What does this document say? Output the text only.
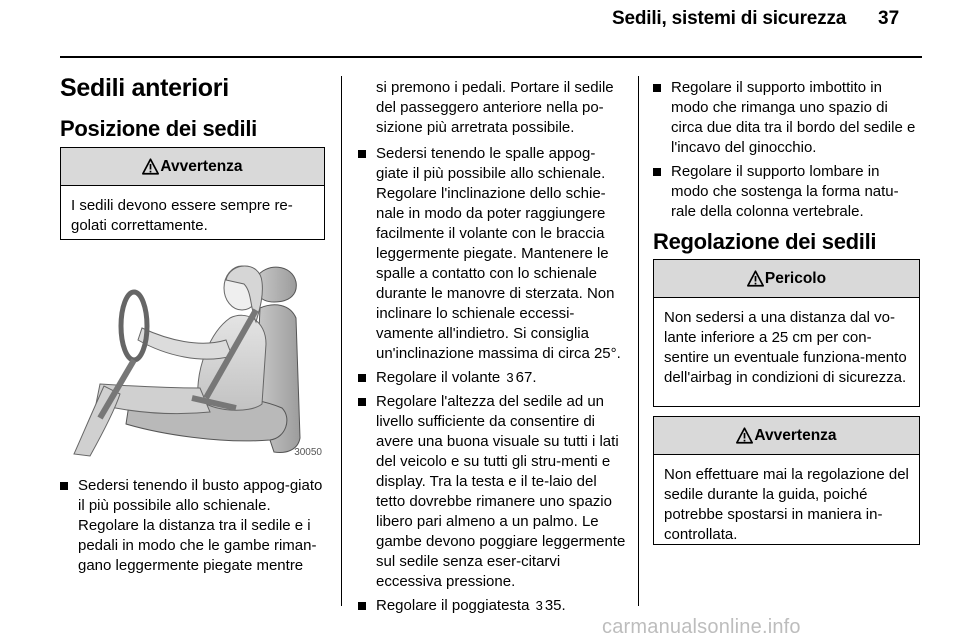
Sedili, sistemi di sicurezza 37
Sedili anteriori
Posizione dei sedili
Avvertenza
I sedili devono essere sempre re-golati correttamente.
30050
Sedersi tenendo il busto appog-giato il più possibile allo schienale. Regolare la distanza tra il sedile e i pedali in modo che le gambe riman-gano leggermente piegate mentre
si premono i pedali. Portare il sedile del passeggero anteriore nella po-sizione più arretrata possibile.
Sedersi tenendo le spalle appog-giate il più possibile allo schienale. Regolare l'inclinazione dello schie-nale in modo da poter raggiungere facilmente il volante con le braccia leggermente piegate. Mantenere le spalle a contatto con lo schienale durante le manovre di sterzata. Non inclinare lo schienale eccessi-vamente all'indietro. Si consiglia un'inclinazione massima di circa 25°.
Regolare il volante 3 67.
Regolare l'altezza del sedile ad un livello sufficiente da consentire di avere una buona visuale su tutti i lati del veicolo e su tutti gli stru-menti e display. Tra la testa e il te-laio del tetto dovrebbe rimanere uno spazio libero pari almeno a un palmo. Le gambe devono poggiare leggermente sul sedile senza eser-citarvi eccessiva pressione.
Regolare il poggiatesta 3 35.
Regolare il supporto imbottito in modo che rimanga uno spazio di circa due dita tra il bordo del sedile e l'incavo del ginocchio.
Regolare il supporto lombare in modo che sostenga la forma natu-rale della colonna vertebrale.
Regolazione dei sedili
Pericolo
Non sedersi a una distanza dal vo-lante inferiore a 25 cm per con-sentire un eventuale funziona-mento dell'airbag in condizioni di sicurezza.
Avvertenza
Non effettuare mai la regolazione del sedile durante la guida, poiché potrebbe spostarsi in maniera in-controllata.
carmanualsonline.info
